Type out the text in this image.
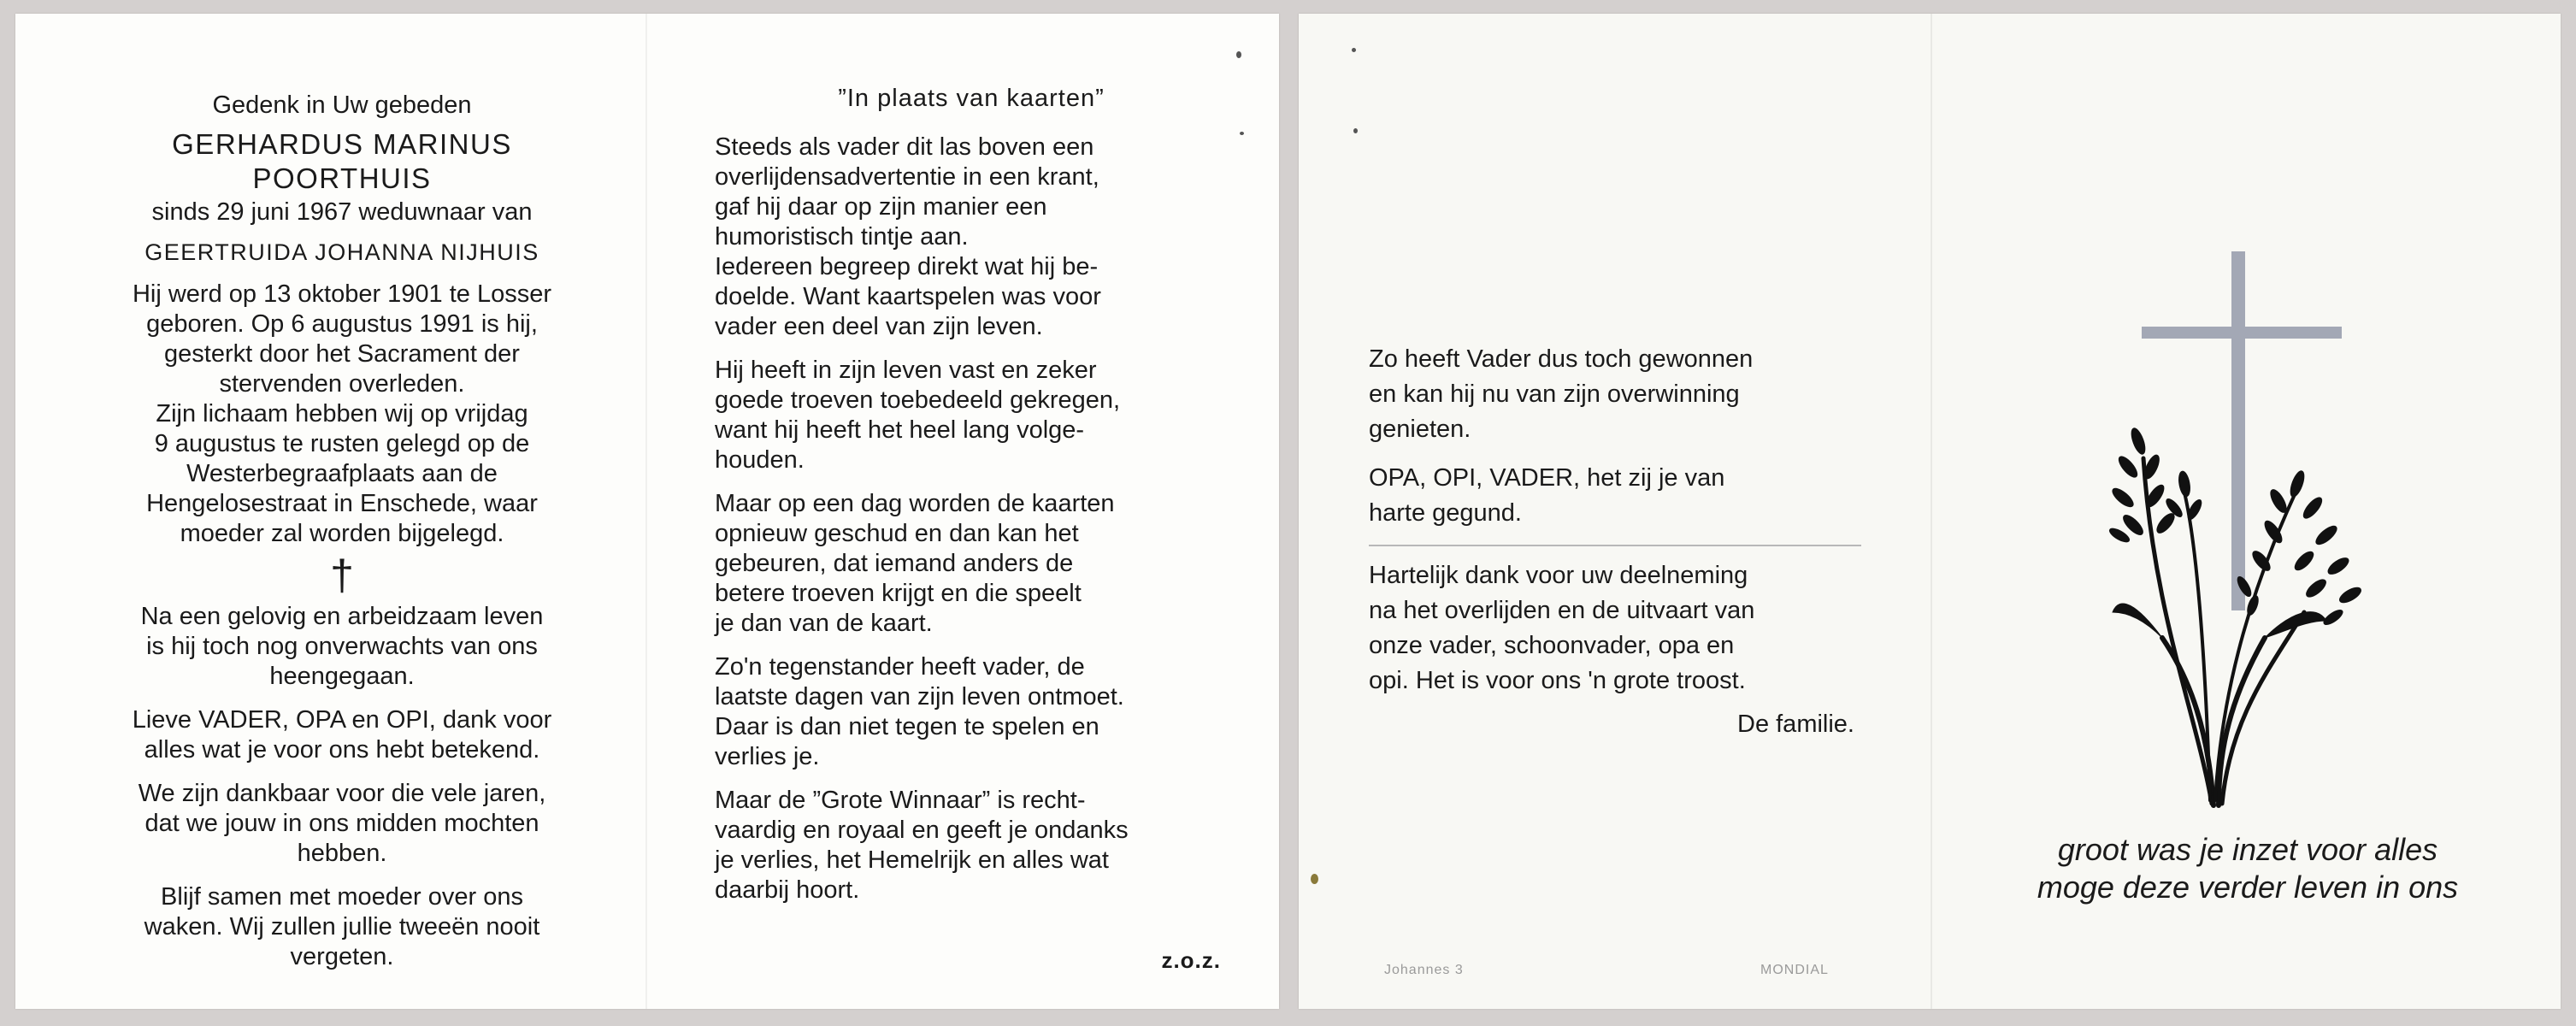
Gedenk in Uw gebeden

GERHARDUS MARINUS

POORTHUIS

sinds 29 juni 1967 weduwnaar van

GEERTRUIDA JOHANNA NIJHUIS

Hij werd op 13 oktober 1901 te Losser

geboren. Op 6 augustus 1991 is hij,

gesterkt door het Sacrament der

stervenden overleden.

Zijn lichaam hebben wij op vrijdag

9 augustus te rusten gelegd op de

Westerbegraafplaats aan de

Hengelosestraat in Enschede, waar

moeder zal worden bijgelegd.

†

Na een gelovig en arbeidzaam leven

is hij toch nog onverwachts van ons

heengegaan.

Lieve VADER, OPA en OPI, dank voor

alles wat je voor ons hebt betekend.

We zijn dankbaar voor die vele jaren,

dat we jouw in ons midden mochten

hebben.

Blijf samen met moeder over ons

waken. Wij zullen jullie tweeën nooit

vergeten.

”In plaats van kaarten”

Steeds als vader dit las boven een

overlijdensadvertentie in een krant,

gaf hij daar op zijn manier een

humoristisch tintje aan.

Iedereen begreep direkt wat hij be-

doelde. Want kaartspelen was voor

vader een deel van zijn leven.

Hij heeft in zijn leven vast en zeker

goede troeven toebedeeld gekregen,

want hij heeft het heel lang volge-

houden.

Maar op een dag worden de kaarten

opnieuw geschud en dan kan het

gebeuren, dat iemand anders de

betere troeven krijgt en die speelt

je dan van de kaart.

Zo'n tegenstander heeft vader, de

laatste dagen van zijn leven ontmoet.

Daar is dan niet tegen te spelen en

verlies je.

Maar de ”Grote Winnaar” is recht-

vaardig en royaal en geeft je ondanks

je verlies, het Hemelrijk en alles wat

daarbij hoort.

z.o.z.

Zo heeft Vader dus toch gewonnen

en kan hij nu van zijn overwinning

genieten.

OPA, OPI, VADER, het zij je van

harte gegund.

Hartelijk dank voor uw deelneming

na het overlijden en de uitvaart van

onze vader, schoonvader, opa en

opi. Het is voor ons 'n grote troost.

De familie.

Johannes 3	MONDIAL

groot was je inzet voor alles

moge deze verder leven in ons
